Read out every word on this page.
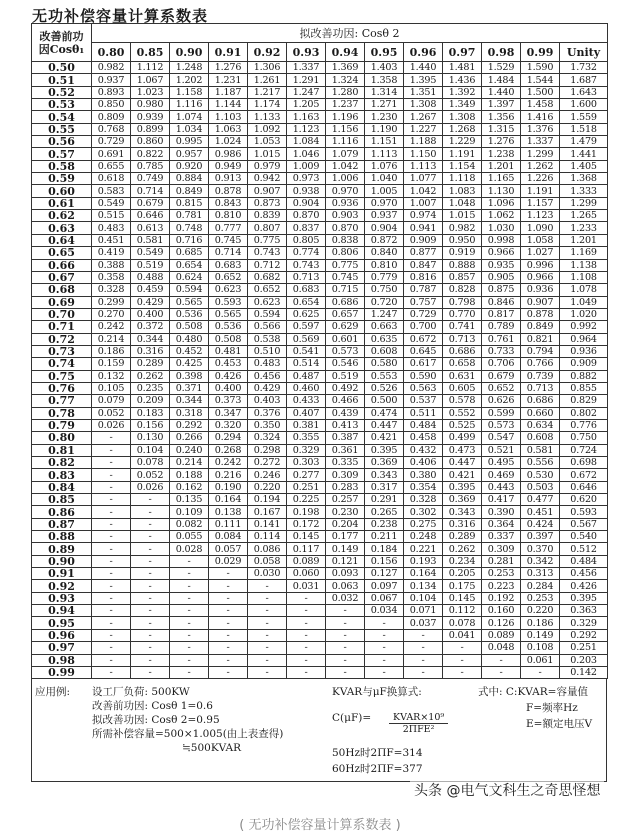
无功补偿容量计算系数表
改善前功
因Cosθ₁	拟改善功因: Cosθ 2												
	0.80	0.85	0.90	0.91	0.92	0.93	0.94	0.95	0.96	0.97	0.98	0.99	Unity
0.50	0.982	1.112	1.248	1.276	1.306	1.337	1.369	1.403	1.440	1.481	1.529	1.590	1.732
0.51	0.937	1.067	1.202	1.231	1.261	1.291	1.324	1.358	1.395	1.436	1.484	1.544	1.687
0.52	0.893	1.023	1.158	1.187	1.217	1.247	1.280	1.314	1.351	1.392	1.440	1.500	1.643
0.53	0.850	0.980	1.116	1.144	1.174	1.205	1.237	1.271	1.308	1.349	1.397	1.458	1.600
0.54	0.809	0.939	1.074	1.103	1.133	1.163	1.196	1.230	1.267	1.308	1.356	1.416	1.559
0.55	0.768	0.899	1.034	1.063	1.092	1.123	1.156	1.190	1.227	1.268	1.315	1.376	1.518
0.56	0.729	0.860	0.995	1.024	1.053	1.084	1.116	1.151	1.188	1.229	1.276	1.337	1.479
0.57	0.691	0.822	0.957	0.986	1.015	1.046	1.079	1.113	1.150	1.191	1.238	1.299	1.441
0.58	0.655	0.785	0.920	0.949	0.979	1.009	1.042	1.076	1.113	1.154	1.201	1.262	1.405
0.59	0.618	0.749	0.884	0.913	0.942	0.973	1.006	1.040	1.077	1.118	1.165	1.226	1.368
0.60	0.583	0.714	0.849	0.878	0.907	0.938	0.970	1.005	1.042	1.083	1.130	1.191	1.333
0.61	0.549	0.679	0.815	0.843	0.873	0.904	0.936	0.970	1.007	1.048	1.096	1.157	1.299
0.62	0.515	0.646	0.781	0.810	0.839	0.870	0.903	0.937	0.974	1.015	1.062	1.123	1.265
0.63	0.483	0.613	0.748	0.777	0.807	0.837	0.870	0.904	0.941	0.982	1.030	1.090	1.233
0.64	0.451	0.581	0.716	0.745	0.775	0.805	0.838	0.872	0.909	0.950	0.998	1.058	1.201
0.65	0.419	0.549	0.685	0.714	0.743	0.774	0.806	0.840	0.877	0.919	0.966	1.027	1.169
0.66	0.388	0.519	0.654	0.683	0.712	0.743	0.775	0.810	0.847	0.888	0.935	0.996	1.138
0.67	0.358	0.488	0.624	0.652	0.682	0.713	0.745	0.779	0.816	0.857	0.905	0.966	1.108
0.68	0.328	0.459	0.594	0.623	0.652	0.683	0.715	0.750	0.787	0.828	0.875	0.936	1.078
0.69	0.299	0.429	0.565	0.593	0.623	0.654	0.686	0.720	0.757	0.798	0.846	0.907	1.049
0.70	0.270	0.400	0.536	0.565	0.594	0.625	0.657	1.247	0.729	0.770	0.817	0.878	1.020
0.71	0.242	0.372	0.508	0.536	0.566	0.597	0.629	0.663	0.700	0.741	0.789	0.849	0.992
0.72	0.214	0.344	0.480	0.508	0.538	0.569	0.601	0.635	0.672	0.713	0.761	0.821	0.964
0.73	0.186	0.316	0.452	0.481	0.510	0.541	0.573	0.608	0.645	0.686	0.733	0.794	0.936
0.74	0.159	0.289	0.425	0.453	0.483	0.514	0.546	0.580	0.617	0.658	0.706	0.766	0.909
0.75	0.132	0.262	0.398	0.426	0.456	0.487	0.519	0.553	0.590	0.631	0.679	0.739	0.882
0.76	0.105	0.235	0.371	0.400	0.429	0.460	0.492	0.526	0.563	0.605	0.652	0.713	0.855
0.77	0.079	0.209	0.344	0.373	0.403	0.433	0.466	0.500	0.537	0.578	0.626	0.686	0.829
0.78	0.052	0.183	0.318	0.347	0.376	0.407	0.439	0.474	0.511	0.552	0.599	0.660	0.802
0.79	0.026	0.156	0.292	0.320	0.350	0.381	0.413	0.447	0.484	0.525	0.573	0.634	0.776
0.80	-	0.130	0.266	0.294	0.324	0.355	0.387	0.421	0.458	0.499	0.547	0.608	0.750
0.81	-	0.104	0.240	0.268	0.298	0.329	0.361	0.395	0.432	0.473	0.521	0.581	0.724
0.82	-	0.078	0.214	0.242	0.272	0.303	0.335	0.369	0.406	0.447	0.495	0.556	0.698
0.83	-	0.052	0.188	0.216	0.246	0.277	0.309	0.343	0.380	0.421	0.469	0.530	0.672
0.84	-	0.026	0.162	0.190	0.220	0.251	0.283	0.317	0.354	0.395	0.443	0.503	0.646
0.85	-	-	0.135	0.164	0.194	0.225	0.257	0.291	0.328	0.369	0.417	0.477	0.620
0.86	-	-	0.109	0.138	0.167	0.198	0.230	0.265	0.302	0.343	0.390	0.451	0.593
0.87	-	-	0.082	0.111	0.141	0.172	0.204	0.238	0.275	0.316	0.364	0.424	0.567
0.88	-	-	0.055	0.084	0.114	0.145	0.177	0.211	0.248	0.289	0.337	0.397	0.540
0.89	-	-	0.028	0.057	0.086	0.117	0.149	0.184	0.221	0.262	0.309	0.370	0.512
0.90	-	-	-	0.029	0.058	0.089	0.121	0.156	0.193	0.234	0.281	0.342	0.484
0.91	-	-	-	-	0.030	0.060	0.093	0.127	0.164	0.205	0.253	0.313	0.456
0.92	-	-	-	-	-	0.031	0.063	0.097	0.134	0.175	0.223	0.284	0.426
0.93	-	-	-	-	-	-	0.032	0.067	0.104	0.145	0.192	0.253	0.395
0.94	-	-	-	-	-	-	-	0.034	0.071	0.112	0.160	0.220	0.363
0.95	-	-	-	-	-	-	-	-	0.037	0.078	0.126	0.186	0.329
0.96	-	-	-	-	-	-	-	-	-	0.041	0.089	0.149	0.292
0.97	-	-	-	-	-	-	-	-	-	-	0.048	0.108	0.251
0.98	-	-	-	-	-	-	-	-	-	-	-	0.061	0.203
0.99	-	-	-	-	-	-	-	-	-	-	-	-	0.142
应用例: 设工厂负荷: 500KW
改善前功因: Cosθ 1=0.6
拟改善功因: Cosθ 2=0.95
所需补偿容量=500×1.005(由上表查得)
≒500KVAR
KVAR与μF换算式:
C(μF)=	KVAR×10⁹
2ΠFE²
50Hz时2ΠF=314
60Hz时2ΠF=377
式中: C:KVAR=容量值
F=频率Hz
E=额定电压V
头条 @电气文科生之奇思怪想
( 无功补偿容量计算系数表 )
